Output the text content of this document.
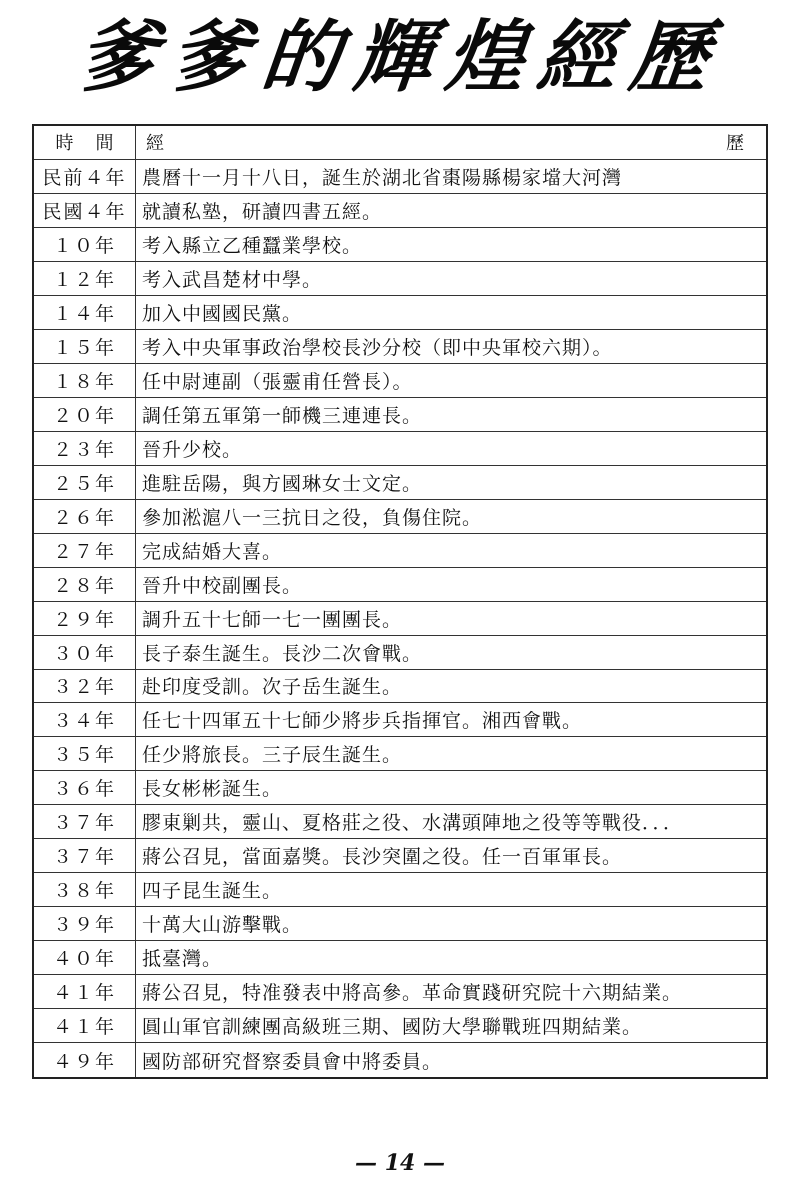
爹爹的輝煌經歷
時	間	經	歷
民前４年 農曆十一月十八日，誕生於湖北省棗陽縣楊家壋大河灣
民國４年 就讀私塾，研讀四書五經。
１０年	考入縣立乙種蠶業學校。
１２年	考入武昌楚材中學。
１４年	加入中國國民黨。
１５年	考入中央軍事政治學校長沙分校（即中央軍校六期）。
１８年	任中尉連副（張靈甫任營長）。
２０年	調任第五軍第一師機三連連長。
２３年	晉升少校。
２５年	進駐岳陽，與方國琳女士文定。
２６年	參加淞滬八一三抗日之役，負傷住院。
２７年	完成結婚大喜。
２８年	晉升中校副團長。
２９年	調升五十七師一七一團團長。
３０年	長子泰生誕生。長沙二次會戰。
３２年	赴印度受訓。次子岳生誕生。
３４年	任七十四軍五十七師少將步兵指揮官。湘西會戰。
３５年	任少將旅長。三子辰生誕生。
３６年	長女彬彬誕生。
３７年	膠東剿共，靈山、夏格莊之役、水溝頭陣地之役等等戰役．．．
３７年	蔣公召見，當面嘉獎。長沙突圍之役。任一百軍軍長。
３８年	四子昆生誕生。
３９年	十萬大山游擊戰。
４０年	抵臺灣。
４１年	蔣公召見，特准發表中將高參。革命實踐研究院十六期結業。
４１年	圓山軍官訓練團高級班三期、國防大學聯戰班四期結業。
４９年	國防部研究督察委員會中將委員。
— 14 —
